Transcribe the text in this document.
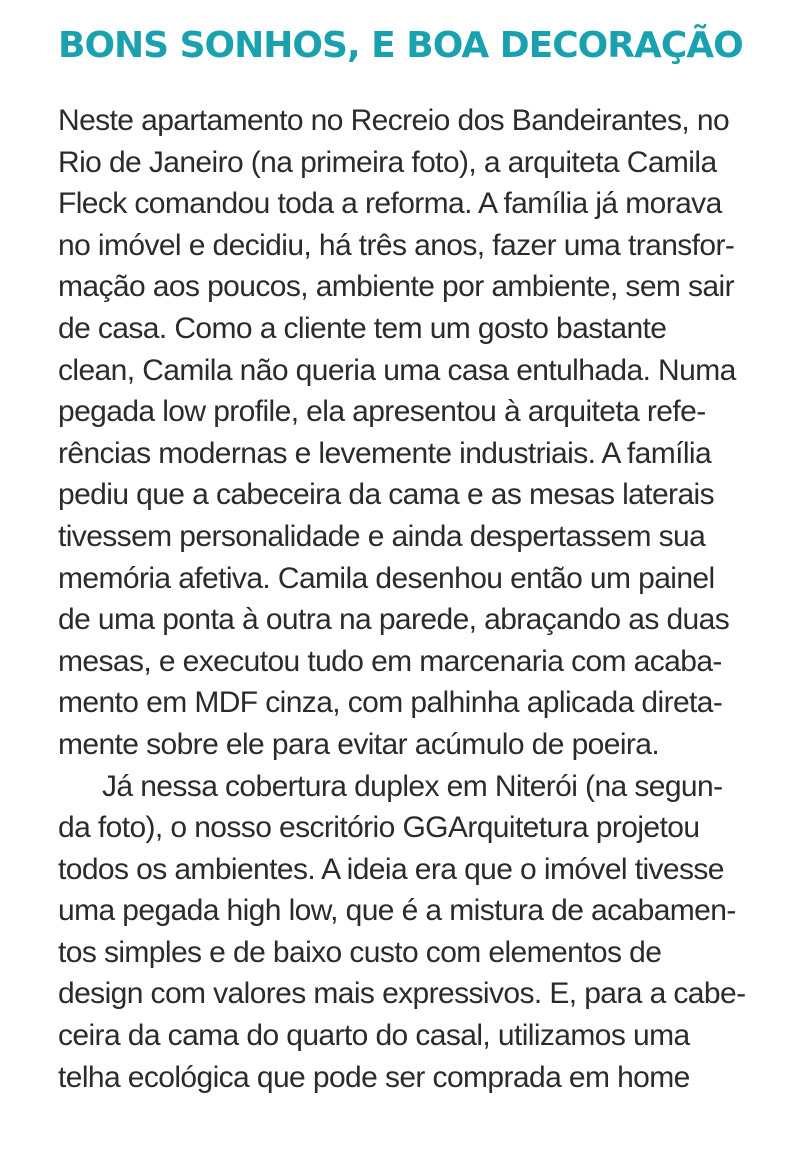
BONS SONHOS, E BOA DECORAÇÃO
Neste apartamento no Recreio dos Bandeirantes, no
Rio de Janeiro (na primeira foto), a arquiteta Camila
Fleck comandou toda a reforma. A família já morava
no imóvel e decidiu, há três anos, fazer uma transfor-
mação aos poucos, ambiente por ambiente, sem sair
de casa. Como a cliente tem um gosto bastante
clean, Camila não queria uma casa entulhada. Numa
pegada low profile, ela apresentou à arquiteta refe-
rências modernas e levemente industriais. A família
pediu que a cabeceira da cama e as mesas laterais
tivessem personalidade e ainda despertassem sua
memória afetiva. Camila desenhou então um painel
de uma ponta à outra na parede, abraçando as duas
mesas, e executou tudo em marcenaria com acaba-
mento em MDF cinza, com palhinha aplicada direta-
mente sobre ele para evitar acúmulo de poeira.
Já nessa cobertura duplex em Niterói (na segun-
da foto), o nosso escritório GGArquitetura projetou
todos os ambientes. A ideia era que o imóvel tivesse
uma pegada high low, que é a mistura de acabamen-
tos simples e de baixo custo com elementos de
design com valores mais expressivos. E, para a cabe-
ceira da cama do quarto do casal, utilizamos uma
telha ecológica que pode ser comprada em home
